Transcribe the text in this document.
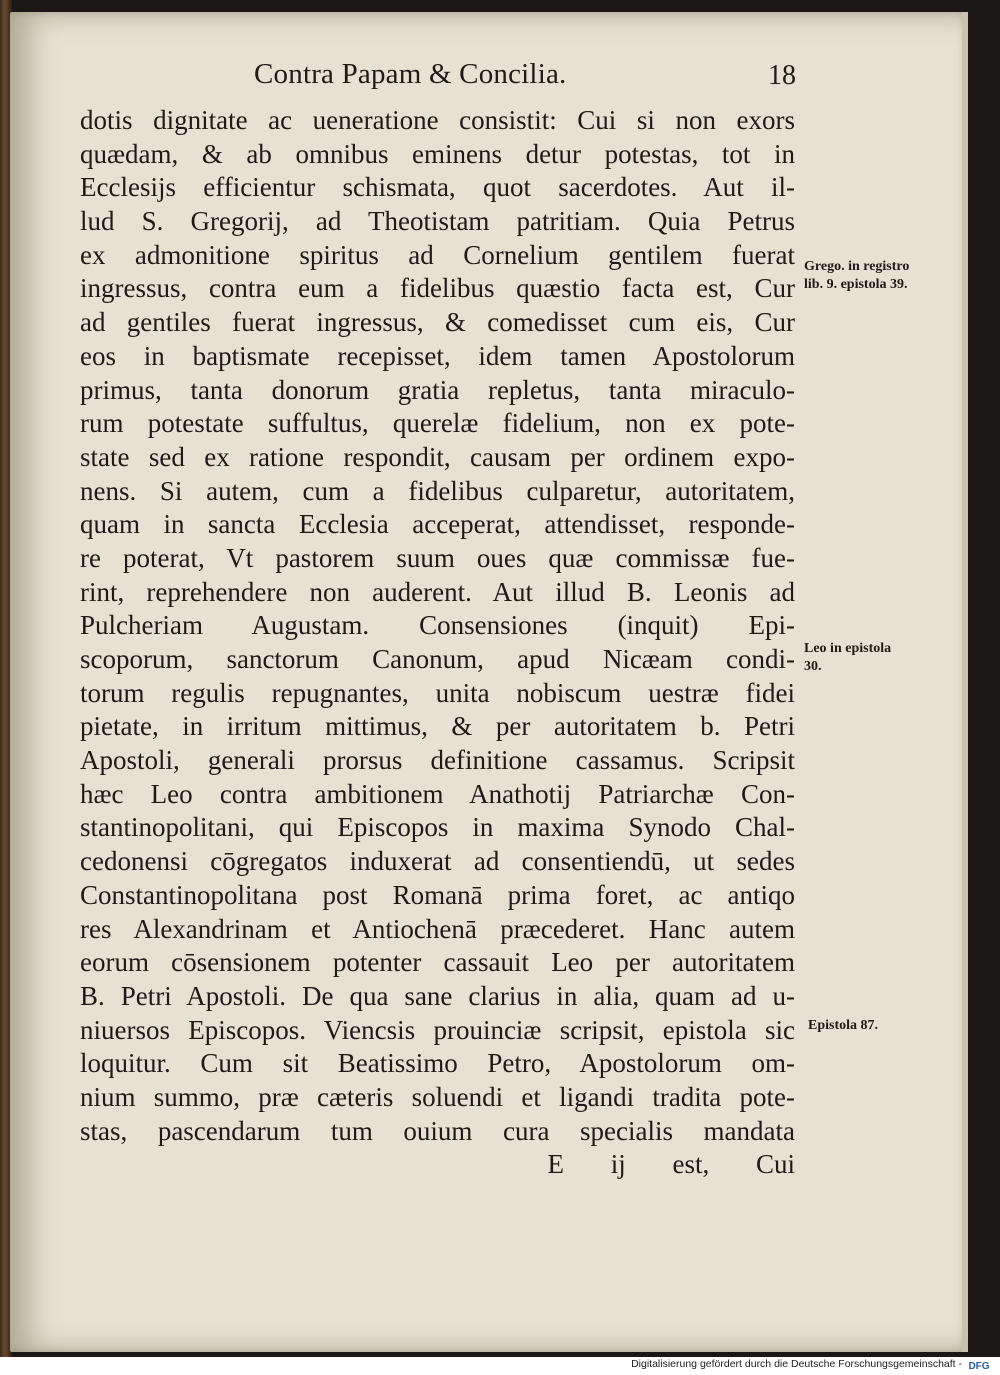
Contra Papam & Concilia.	18
dotis dignitate ac ueneratione consistit: Cui si non exors
quædam, & ab omnibus eminens detur potestas, tot in
Ecclesijs efficientur schismata, quot sacerdotes. Aut il-
lud S. Gregorij, ad Theotistam patritiam. Quia Petrus
ex admonitione spiritus ad Cornelium gentilem fuerat
ingressus, contra eum a fidelibus quæstio facta est, Cur
ad gentiles fuerat ingressus, & comedisset cum eis, Cur
eos in baptismate recepisset, idem tamen Apostolorum
primus, tanta donorum gratia repletus, tanta miraculo-
rum potestate suffultus, querelæ fidelium, non ex pote-
state sed ex ratione respondit, causam per ordinem expo-
nens. Si autem, cum a fidelibus culparetur, autoritatem,
quam in sancta Ecclesia acceperat, attendisset, responde-
re poterat, Vt pastorem suum oues quæ commissæ fue-
rint, reprehendere non auderent. Aut illud B. Leonis ad
Pulcheriam Augustam. Consensiones (inquit) Epi-
scoporum, sanctorum Canonum, apud Nicæam condi-
torum regulis repugnantes, unita nobiscum uestræ fidei
pietate, in irritum mittimus, & per autoritatem b. Petri
Apostoli, generali prorsus definitione cassamus. Scripsit
hæc Leo contra ambitionem Anathotij Patriarchæ Con-
stantinopolitani, qui Episcopos in maxima Synodo Chal-
cedonensi cōgregatos induxerat ad consentiendū, ut sedes
Constantinopolitana post Romanā prima foret, ac antiqo
res Alexandrinam et Antiochenā præcederet. Hanc autem
eorum cōsensionem potenter cassauit Leo per autoritatem
B. Petri Apostoli. De qua sane clarius in alia, quam ad u-
niuersos Episcopos. Viencsis prouinciæ scripsit, epistola sic
loquitur. Cum sit Beatissimo Petro, Apostolorum om-
nium summo, præ cæteris soluendi et ligandi tradita pote-
stas, pascendarum tum ouium cura specialis mandata
E ij est, Cui
Grego. in registro
lib. 9. epistola 39.
Leo in epistola
30.
Epistola 87.
Digitalisierung gefördert durch die Deutsche Forschungsgemeinschaft - DFG
